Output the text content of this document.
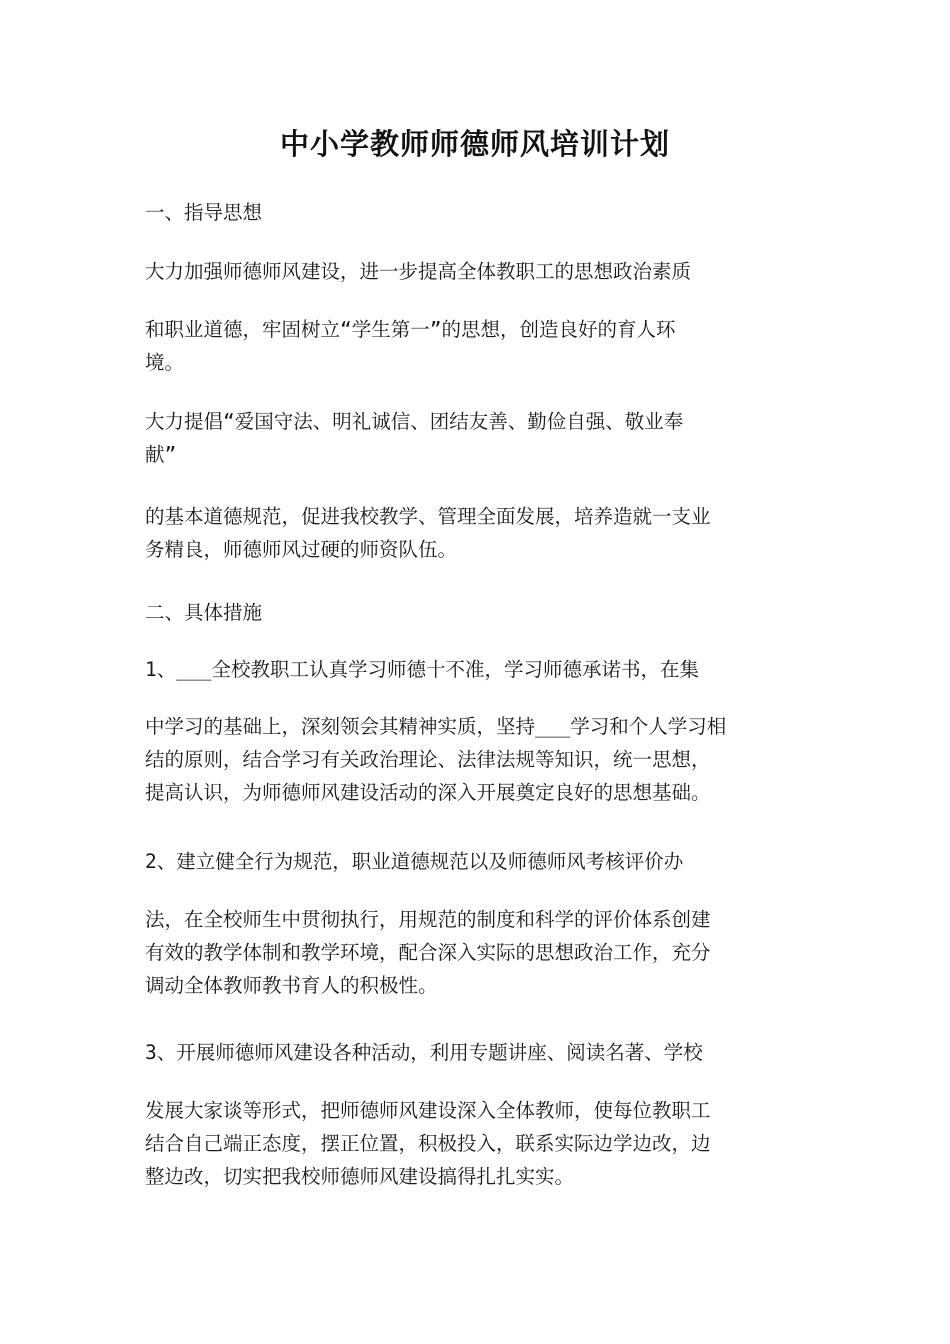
中小学教师师德师风培训计划
一、指导思想
大力加强师德师风建设，进一步提高全体教职工的思想政治素质
和职业道德，牢固树立“学生第一”的思想，创造良好的育人环
境。
大力提倡“爱国守法、明礼诚信、团结友善、勤俭自强、敬业奉
献”
的基本道德规范，促进我校教学、管理全面发展，培养造就一支业
务精良，师德师风过硬的师资队伍。
二、具体措施
1、___全校教职工认真学习师德十不准，学习师德承诺书，在集
中学习的基础上，深刻领会其精神实质，坚持___学习和个人学习相
结的原则，结合学习有关政治理论、法律法规等知识，统一思想，
提高认识，为师德师风建设活动的深入开展奠定良好的思想基础。
2、建立健全行为规范，职业道德规范以及师德师风考核评价办
法，在全校师生中贯彻执行，用规范的制度和科学的评价体系创建
有效的教学体制和教学环境，配合深入实际的思想政治工作，充分
调动全体教师教书育人的积极性。
3、开展师德师风建设各种活动，利用专题讲座、阅读名著、学校
发展大家谈等形式，把师德师风建设深入全体教师，使每位教职工
结合自己端正态度，摆正位置，积极投入，联系实际边学边改，边
整边改，切实把我校师德师风建设搞得扎扎实实。
